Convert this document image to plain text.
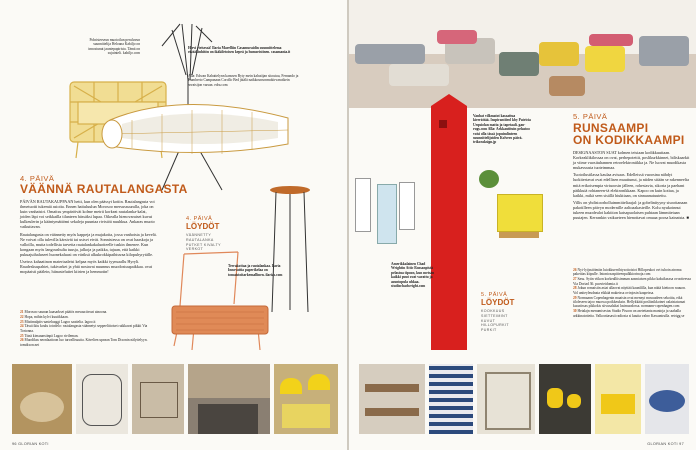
Polnisterseun muotoilun peruluvun suunnittelija Heloana Kabiljo on innostunut jauntepapirista. Tämä on sujuinteli. kabiljo.com
Hirvi rteisessä! Ilaria Marelliin Casamuraidin suunnittelema eivääkinhitön on ikäkiletoisen kepeä ja humoristinen. casamania.it
Alla: Edwan Kahattelynn kanssen Byty mein kahutijan sitoutuu, Fernando ja Humberto Campanaan Corollo Bed jätälä naikkounsonmokirvanoikein arvaisijon varsan. edra.com
4. PÄIVÄ
VÄÄNNÄ RAUTALANGASTA
PÄIVÄN RAUTAKAUPPAAN hetti, kun olen päässyt kotiin. Rautalangasta voi ihmetuotti tukemiä asioita. Ennen haituluulun Morosoo mersussuuralla, joka on kuin vanhaisiri. Omaitsu ympäröivät kolme metrii korkeat rautalanka-kalat, joiden läpi voi seikkailla tilanteen hässäksi lupaa. Oikealla hienovaraiset kuvut kulkeulerin ja kääntymättömi sekaleja puuntaa rivistöä nuuhkua. Ankaras muoto vaikuttavan.
Rautalangasta on väännetty myös kappeja ja mujakoita, jossa vanhoista ja kevelä. Ne voivat olla tulevilla kärsivät tai ustsvt eivät. Sonnistessa on ovat haaskoja ja valloilla, mutta todellista tarvetta rautalankakaluotteelle tuskin ilmenee. Kun kongaan myös langoushulta tuusja, jalkoja ja paikka, tajuan, että kaikki pukuajuihaluseet huonekaluasi on väriksä alkukrokkipaihtuvaa kilopuhyrytälle.
Useisss kahaatinon materiaaleisi kelpaa myös kaikki tyynsaallu Hyryli. Raudesksupahtet, tukivarket ja yhtä nostavat nuunnus muodostuupaikkaa. ovat mopäaisti päälein, hiinasteluttet kiirien ja hemmotin!
21 Morosoo saunan kaasarkset päätös mesauciteoat ainoona.
22 Hopa, mihin kylvi kuutikkaan.
23 Mistimalpits-aasteluaggt Lagoo saattelia. lagoo.it
24 Tässä ikiu koulu iotodelo: rastalangasta väännetyt seppeelittoiset ruikkavat pikkii Via Tortonna.
25 Tiinä kinsuunstinpä Lagoo rivileman.
26 Muodikas neonlaattoon luo turvallisuutta. Kävelien upeaan Tom Dixonin nälyttelyyn. tomdixon.net
4. PÄIVÄ
LÖYDÖT
VÄÄNNETTY RAUTALANKA PUTKET KIVALTY VERKOT
Terrakottaa ja rautalankaa. Ilaria Innovattia paperikelaa on tomaistoitarkemallinen. ilarias.com
96 GLORIAN KOTI
Vanhat vilkmatot kassattua kierrättää. Inspirantiirol kby Patricia Urquiolan matta ja tapetaali. gan-rugs.com Alla: Arkkautituin pelastoo voisi olla tässä jopuimlinteen suunnittelijoiden Kolvero päivä. trikoraksign.jp
Amerikkalainen Chad Wrightin Attic Russanpistä pelastua tipoon, kun metsän kaikki puut ovat varattu ja asuntopula uhkaa. studiochadwright.com
5. PÄIVÄ
LÖYDÖT
KOOKKUUS SIETTEIMINT KUVUT HILLOPURKIT PURKIT
5. PÄIVÄ
RUNSAAMPI
ON KODIKKAAMPI
DESIGNAASTON SUAT kolmen teisiaan kodikkuuttaan. Korkeaklikilossaa on ovat, perhepotettit, poslikurkkinnet, biliskaarkit ja viime vuosituhannen retroelektroniikka ja. Ne luovat muodikasta mukavuusta tuoteimmaa.
Tuotoilustilassa kaulaa avisaas. Edelleissä vuoosina nähdyt luokitertavat ovat edellisen muuttunut, ja niiden sitään se rakenneelta mitä erikoisempia virtuoosin jälleen, rohestavia, sikoria ja paehant päikkuiä rohtaneen-tä elektronikkaan. Kapoo on kuin kotiaa, ja kaikki, mikä seen sisällä hiukttaan, on sinnaanutuutettu.
Villis on yhdistoorholluimmitteliaajal: ja gobelinityyny sisoottanaan pakotilleen päivyn modernille aaltoaakasteille. Kolu nyukoinnut tukeen muodeulot kaktiton katsapuolaisen puhtaan lämmitetaan puutajen. Kerrankin vaikueteen hienottavat omuaa poosa kainatsta. ■
26 Nyt-lyijastöimiin luiokkuerrihtysottoisiot Hillopeukot ovt tuhoin atroma pakettias kiipulle. Intoniosaspitteenpulkkiorinoja.com
27 Sasu. Sytin viikon korkealliisimman aasmiaisen pikko kaksikasssa ovootteessa Via Doriad 36. puovieidomia.it
28 Jokun romaistin asiat allaovat näyttää kaunililla, kun näitä kiettoon ruuuon. Vol uniteyleudnata eikkää makeissa ovinjosin kaapeissa.
29 Normaann Copenhagenin maaisin ovat mennyt mosuudeen sekoitta, eikä tiloleseen tajoo muossa poikkeuksin. Hellykkäät posliinikkoinet oalaistaturaat kuoatissas pikkokis siivusalaltai lasimuodossa. normann-copenhagen.com
30 Hetalajn menumisestus Studio Pisoon on asetettanta manioja ja saahalla arkkinatotteita. Valkoottasasti radiosta si kautta vahro Kassuntrulla. retrigg.se
GLORIAN KOTI 97
